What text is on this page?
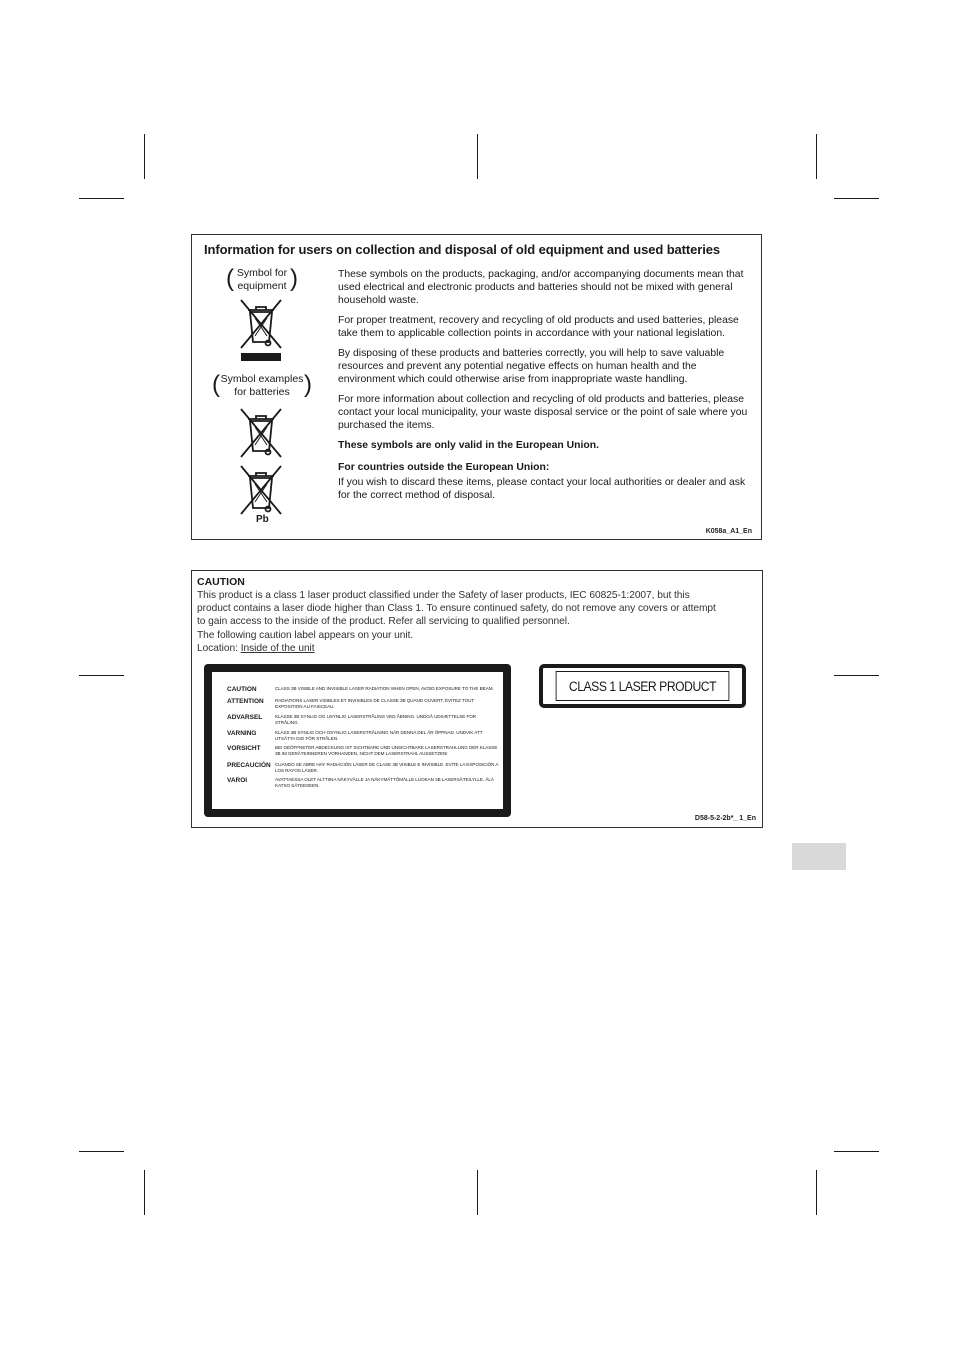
Information for users on collection and disposal of old equipment and used batteries
( Symbol for
equipment )
( Symbol examples
for batteries )
Pb

These symbols on the products, packaging, and/or accompanying documents mean that used electrical and electronic products and batteries should not be mixed with general household waste.

For proper treatment, recovery and recycling of old products and used batteries, please take them to applicable collection points in accordance with your national legislation.

By disposing of these products and batteries correctly, you will help to save valuable resources and prevent any potential negative effects on human health and the environment which could otherwise arise from inappropriate waste handling.

For more information about collection and recycling of old products and batteries, please contact your local municipality, your waste disposal service or the point of sale where you purchased the items.

These symbols are only valid in the European Union.

For countries outside the European Union:

If you wish to discard these items, please contact your local authorities or dealer and ask for the correct method of disposal.

K058a_A1_En
CAUTION
This product is a class 1 laser product classified under the Safety of laser products, IEC 60825-1:2007, but this
product contains a laser diode higher than Class 1. To ensure continued safety, do not remove any covers or attempt
to gain access to the inside of the product. Refer all servicing to qualified personnel.
The following caution label appears on your unit.
Location: Inside of the unit
CAUTION	CLASS 3B VISIBLE AND INVISIBLE LASER RADIATION WHEN OPEN, AVOID EXPOSURE TO THE BEAM.
ATTENTION RADIATIONS LASER VISIBLES ET INVISIBLES DE CLASSE 3B QUAND OUVERT, ÉVITEZ TOUT EXPOSITION AU FAISCEAU.
ADVARSEL	KLASSE 3B SYNLIG OG USYNLIG LASERSTRÅLING VED ÅBNING. UNDGÅ UDSÆTTELSE FOR STRÅLING.
VARNING	KLASS 3B SYNLIG OCH OSYNLIG LASERSTRÅLNING NÄR DENNA DEL ÄR ÖPPNAD. UNDVIK ATT UTSÄTTA DIG FÖR STRÅLEN.
VORSICHT	BEI GEÖFFNETER ABDECKUNG IST SICHTBARE UND UNSICHTBARE LASERSTRAHLUNG DER KLASSE 3B IM GERÄTEINNEREN VORHANDEN, NICHT DEM LASERSTRAHL AUSSETZEN!
PRECAUCIÓN CUANDO SE ABRE HAY RADIACIÓN LÁSER DE CLASE 3B VISIBLE E INVISIBLE. EVITE LA EXPOSICIÓN A LOS RAYOS LÁSER.
VAROI	AVATTAESSA OLET ALTTIINA NÄKYVÄLLE JA NÄKYMÄTTÖMÄLLE LUOKAN 3B LASERSÄTEILYLLE. ÄLÄ KATSO SÄTEESEEN.
CLASS 1 LASER PRODUCT
D58-5-2-2b*_ 1_En
